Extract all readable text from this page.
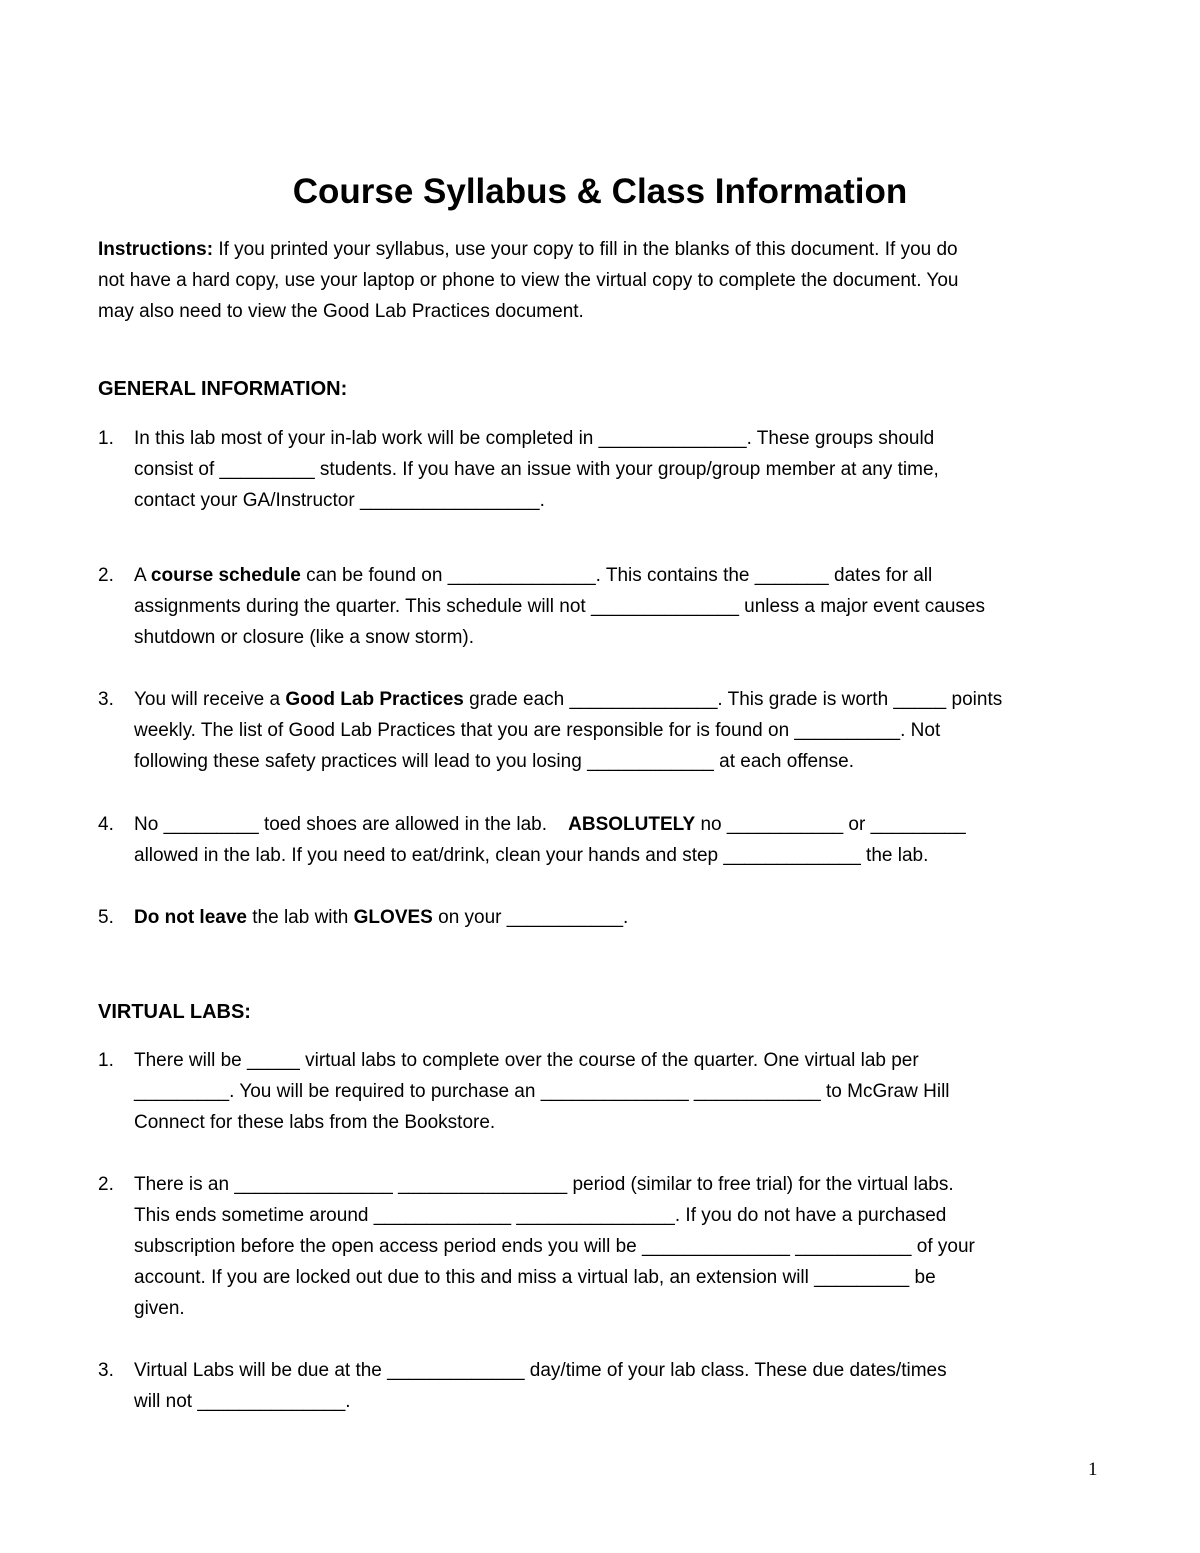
Course Syllabus & Class Information
Instructions: If you printed your syllabus, use your copy to fill in the blanks of this document. If you do
not have a hard copy, use your laptop or phone to view the virtual copy to complete the document. You
may also need to view the Good Lab Practices document.
GENERAL INFORMATION:
1.	In this lab most of your in-lab work will be completed in ______________. These groups should
consist of _________ students. If you have an issue with your group/group member at any time,
contact your GA/Instructor _________________.
2.	A course schedule can be found on ______________. This contains the _______ dates for all
assignments during the quarter. This schedule will not ______________ unless a major event causes
shutdown or closure (like a snow storm).
3.	You will receive a Good Lab Practices grade each ______________. This grade is worth _____ points
weekly. The list of Good Lab Practices that you are responsible for is found on __________. Not
following these safety practices will lead to you losing ____________ at each offense.
4.	No _________ toed shoes are allowed in the lab.    ABSOLUTELY no ___________ or _________
allowed in the lab. If you need to eat/drink, clean your hands and step _____________ the lab.
5.	Do not leave the lab with GLOVES on your ___________.
VIRTUAL LABS:
1.	There will be _____ virtual labs to complete over the course of the quarter. One virtual lab per
_________. You will be required to purchase an ______________ ____________ to McGraw Hill
Connect for these labs from the Bookstore.
2.	There is an _______________ ________________ period (similar to free trial) for the virtual labs.
This ends sometime around _____________ _______________. If you do not have a purchased
subscription before the open access period ends you will be ______________ ___________ of your
account. If you are locked out due to this and miss a virtual lab, an extension will _________ be
given.
3.	Virtual Labs will be due at the _____________ day/time of your lab class. These due dates/times
will not ______________.
1
